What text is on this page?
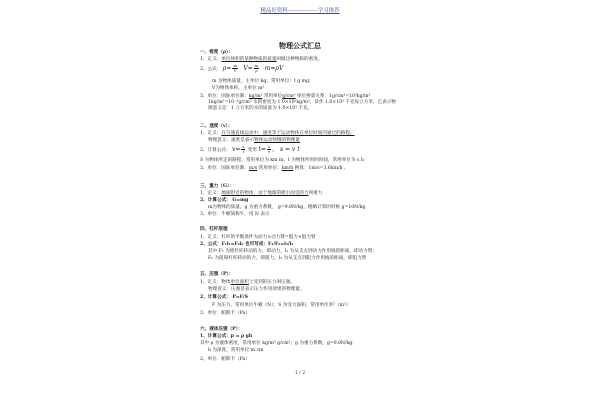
精品好资料----------------学习推荐
物理公式汇总
一、密度（ρ）：
1、定义：单位体积的某种物质的质量叫做这种物质的密度。
2、公式： $\rho= \frac{m}{V} V= \frac{m}{\rho} m=\rho V$
m 为物体质量，主单位 kg；常用单位：t g mg；
V为物体体积，主单位 m³
3、单位：国际单位制：kg/m³ 常用单位g/cm³ 单位换算关系：1g/cm³=10³kg/m³
1kg/m³=10⁻³g/cm³ 水的密度为 1.0×10³kg/m³，读作 1.0×10³ 千克每立方米，它表示物
理意义是：1 立方米的水的质量为 1.0×10³ 千克。
二、速度（v）：
1、定义：在匀速直线运动中，速度等于运动物体在单位时间内通过的路程。
物理意义：速度是表示物体运动快慢的物理量
2、计算公式： $v= \frac{s}{t}$ 变形 $t= \frac{s}{v}$ ， s = v t
S 为物体所走的路程，常用单位为 km m；t 为物体所用的时间，常用单位为 s h
3、单位：国际单位制：m/s 常用单位：km/h 换算：1m/s=3.6km/h 。
三、重力（G）：
1、定义：地面附近的物体，由于地球的吸引而受的力叫重力
2、计算公式： G=mg
m为物体的质量，g 为重力系数， g=9.8N/kg，粗略计算的时候 g=10N/kg
3、单位：牛顿简称牛，用 N 表示
四、杠杆原理
1、定义：杠杆的平衡条件为动力×动力臂=阻力×阻力臂
2、公式：F₁l₁=F₂l₂ 也可写成：F₁/F₂=l₂/l₁
其中 F₁ 为使杠杆转动的力，即动力，l₁ 为从支点到动力作用线的距离，即动力臂；
F₂ 为阻碍杠杆转动的力，即阻力，l₂ 为从支点到阻力作用线的距离，即阻力臂
五、压强（P）：
1、定义：物体单位面积上受到的压力叫压强。
物理意义：压强是表示压力作用效果的物理量。
2、计算公式： P=F/S
F 为压力，常用单位牛顿（N）；S 为受力面积，常用单位米²（m²）
3、单位：帕斯卡（Pa）
六、液体压强（P）：
1、计算公式：p = ρ gh
其中 ρ 为液体密度，常用单位 kg/m³ g/cm³；g 为重力系数，g=9.8N/kg；
h 为深度，常用单位 m cm
2、单位：帕斯卡（Pa）
1 / 2
